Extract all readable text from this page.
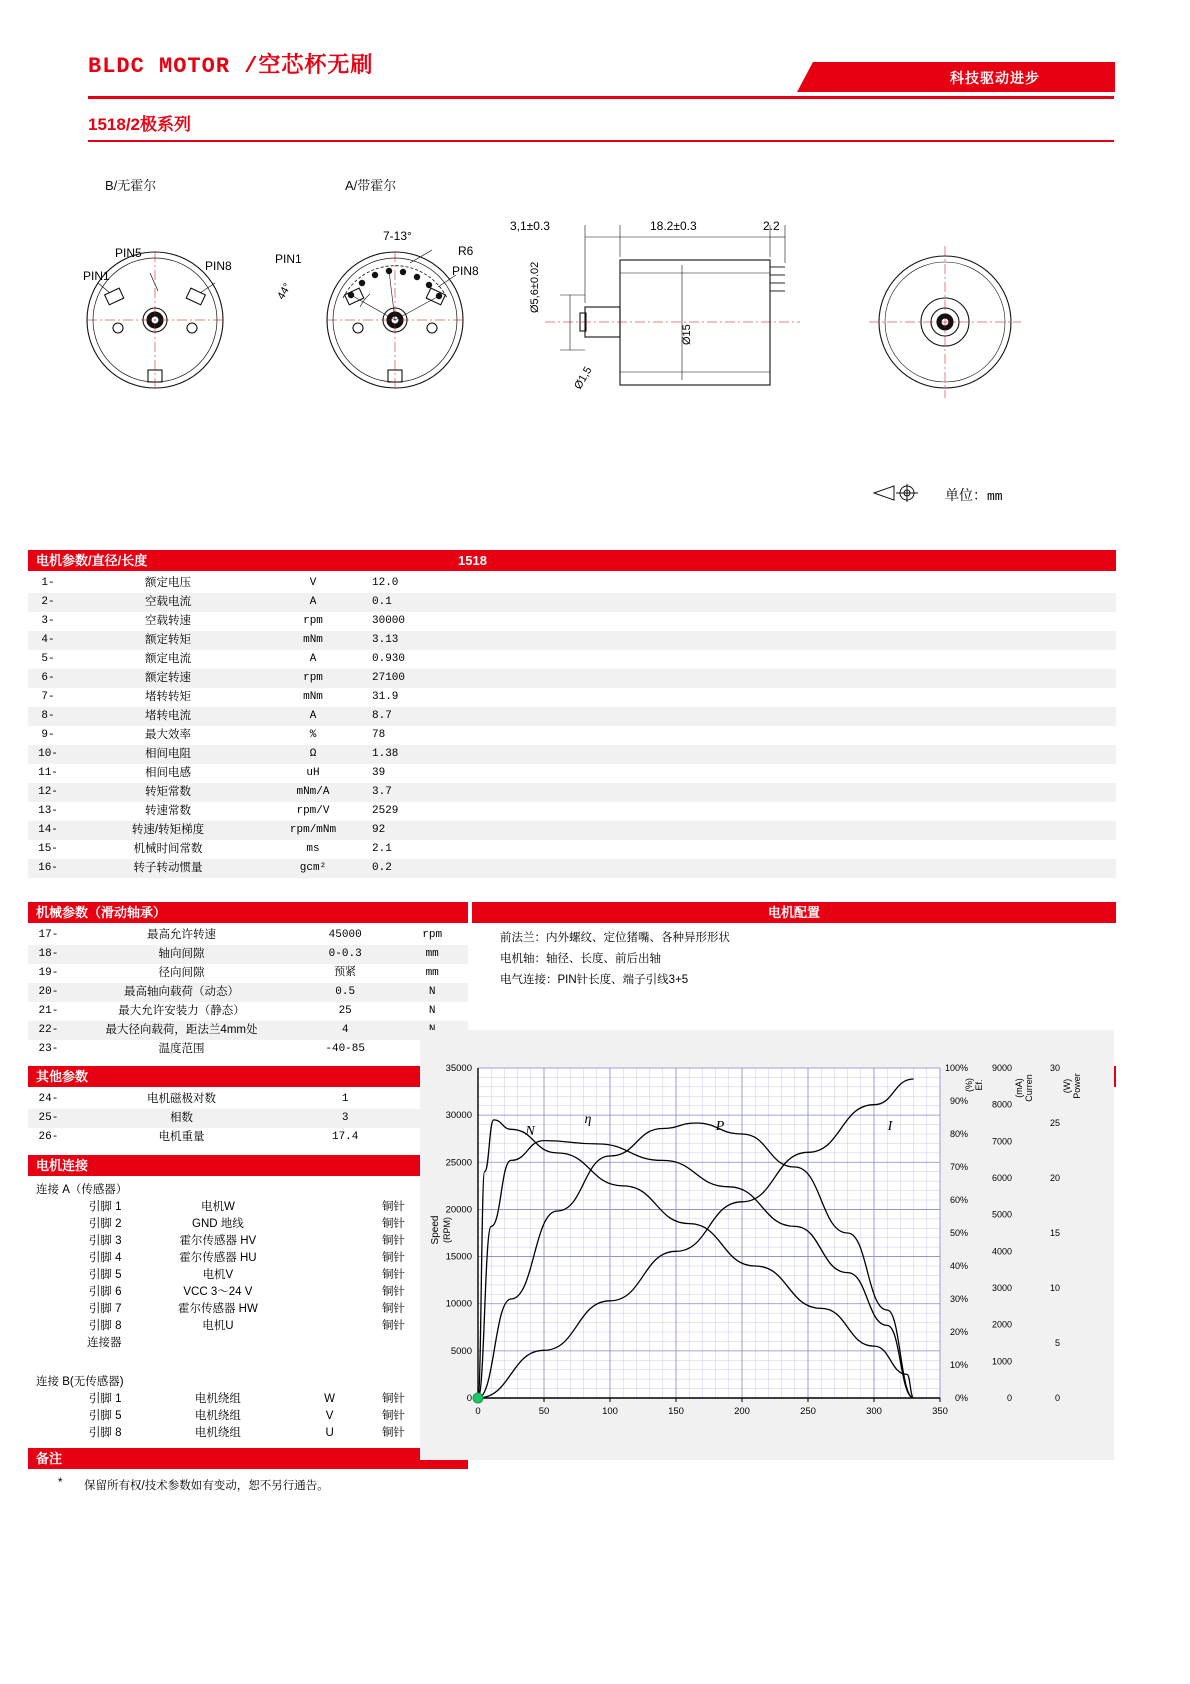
BLDC MOTOR /空芯杯无刷	科技驱动进步
1518/2极系列
B/无霍尔	A/带霍尔
PIN1
PIN5
PIN8	PIN1
PIN8
7-13°
44°
R6
3,1±0.3	18.2±0.3	2.2
Ø5,6±0.02
Ø1,5
Ø15
单位：mm
电机参数/直径/长度	1518
1-	额定电压	V	12.0	
2-	空载电流	A	0.1	
3-	空载转速	rpm	30000	
4-	额定转矩	mNm	3.13	
5-	额定电流	A	0.930	
6-	额定转速	rpm	27100	
7-	堵转转矩	mNm	31.9	
8-	堵转电流	A	8.7	
9-	最大效率	%	78	
10-	相间电阻	Ω	1.38	
11-	相间电感	uH	39	
12-	转矩常数	mNm/A	3.7	
13-	转速常数	rpm/V	2529	
14-	转速/转矩梯度	rpm/mNm	92	
15-	机械时间常数	ms	2.1	
16-	转子转动惯量	gcm²	0.2	
机械参数（滑动轴承）	电机配置
17-	最高允许转速	45000	rpm
18-	轴向间隙	0-0.3	mm
19-	径向间隙	预紧	mm
20-	最高轴向载荷（动态）	0.5	N
21-	最大允许安装力（静态）	25	N
22-	最大径向载荷，距法兰4mm处	4	
23-	温度范围	-40-85	
前法兰：内外螺纹、定位猪嘴、各种异形形状
电机轴：轴径、长度、前后出轴
电气连接：PIN针长度、端子引线3+5
其他参数
24-	电机磁极对数	1	
25-	相数	3	
26-	电机重量	17.4	
电机连接
连接 A（传感器）
引脚 1	电机W		铜针
引脚 2	GND 地线		铜针
引脚 3	霍尔传感器 HV		铜针
引脚 4	霍尔传感器 HU		铜针
引脚 5	电机V		铜针
引脚 6	VCC 3～24 V		铜针
引脚 7	霍尔传感器 HW		铜针
引脚 8	电机U		铜针
连接器			
连接 B(无传感器)
引脚 1	电机绕组	W	铜针
引脚 5	电机绕组	V	铜针
引脚 8	电机绕组	U	铜针
备注
* 保留所有权/技术参数如有变动，恕不另行通告。
0	50	100	150	200	250	300	350
0
5000
10000
15000
20000
25000
30000
35000
Speed (RPM)
0%
10%
20%
30%
40%
50%
60%
70%
80%
90%
100%
0
1000
2000
3000
4000
5000
6000
7000
8000
9000
0
5
10
15
20
25
30
Ef.
(%)	Curren
(mA)	Power
(W)
N
η	P	I
